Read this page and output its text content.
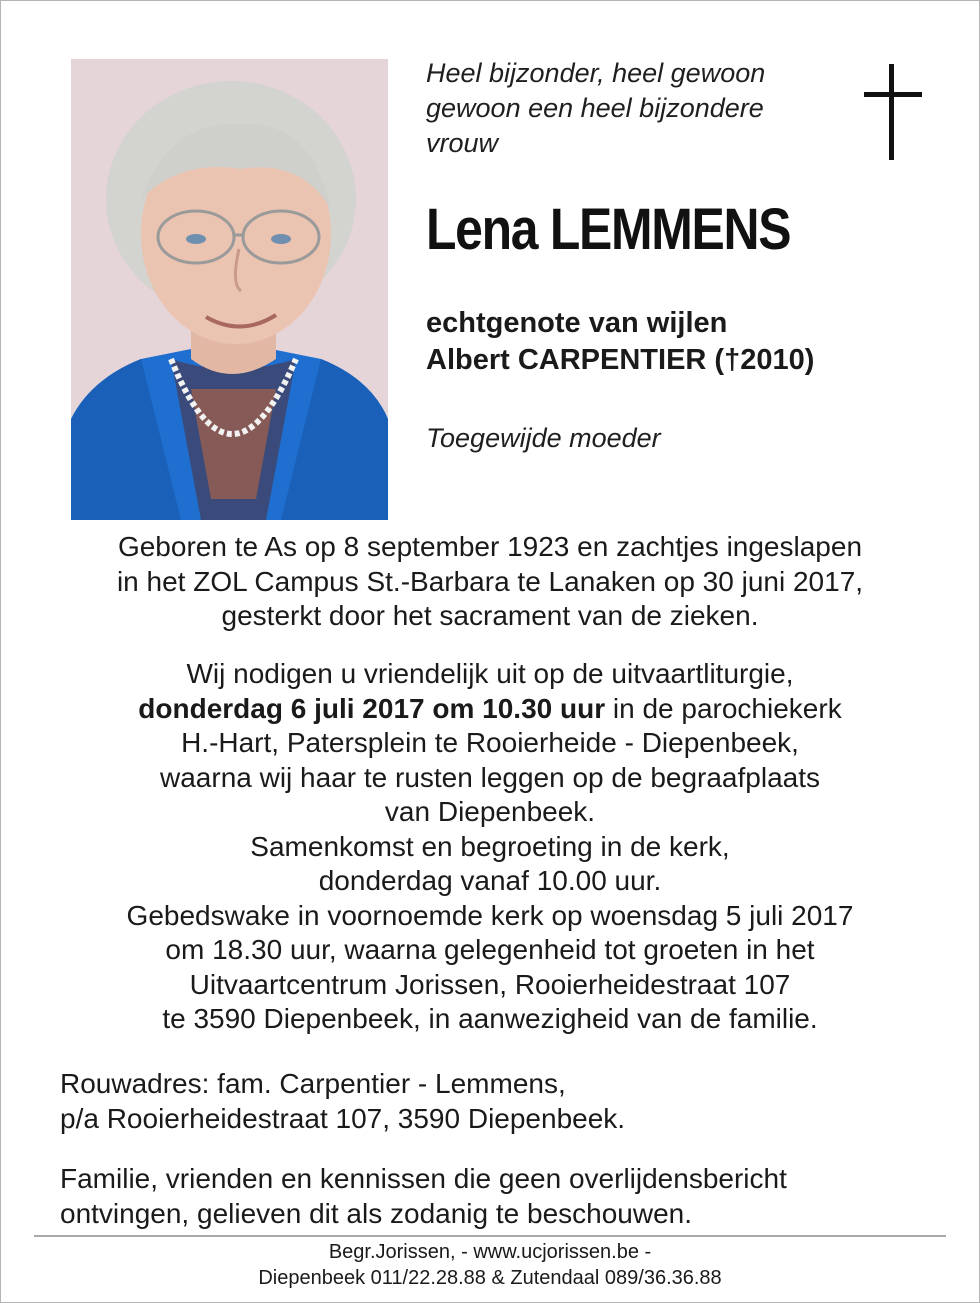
Heel bijzonder, heel gewoon
gewoon een heel bijzondere
vrouw
Lena LEMMENS
echtgenote van wijlen
Albert CARPENTIER (†2010)
Toegewijde moeder
Geboren te As op 8 september 1923 en zachtjes ingeslapen
in het ZOL Campus St.-Barbara te Lanaken op 30 juni 2017,
gesterkt door het sacrament van de zieken.
Wij nodigen u vriendelijk uit op de uitvaartliturgie,
donderdag 6 juli 2017 om 10.30 uur in de parochiekerk
H.-Hart, Patersplein te Rooierheide - Diepenbeek,
waarna wij haar te rusten leggen op de begraafplaats
van Diepenbeek.
Samenkomst en begroeting in de kerk,
donderdag vanaf 10.00 uur.
Gebedswake in voornoemde kerk op woensdag 5 juli 2017
om 18.30 uur, waarna gelegenheid tot groeten in het
Uitvaartcentrum Jorissen, Rooierheidestraat 107
te 3590 Diepenbeek, in aanwezigheid van de familie.
Rouwadres: fam. Carpentier - Lemmens,
p/a Rooierheidestraat 107, 3590 Diepenbeek.
Familie, vrienden en kennissen die geen overlijdensbericht
ontvingen, gelieven dit als zodanig te beschouwen.
Begr.Jorissen, - www.ucjorissen.be -
Diepenbeek 011/22.28.88 & Zutendaal 089/36.36.88
